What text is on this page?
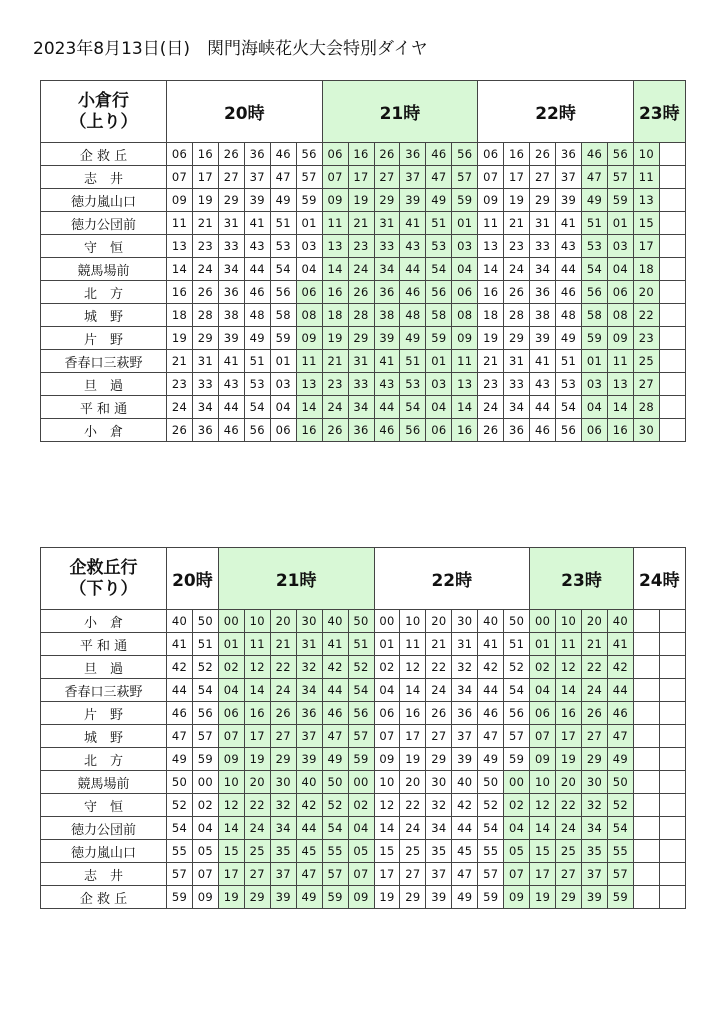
2023年8月13日(日)　関門海峡花火大会特別ダイヤ
小倉行
（上り）	20時						21時						22時						23時	
企 救 丘	06	16	26	36	46	56	06	16	26	36	46	56	06	16	26	36	46	56	10	
志　井	07	17	27	37	47	57	07	17	27	37	47	57	07	17	27	37	47	57	11	
徳力嵐山口	09	19	29	39	49	59	09	19	29	39	49	59	09	19	29	39	49	59	13	
徳力公団前	11	21	31	41	51	01	11	21	31	41	51	01	11	21	31	41	51	01	15	
守　恒	13	23	33	43	53	03	13	23	33	43	53	03	13	23	33	43	53	03	17	
競馬場前	14	24	34	44	54	04	14	24	34	44	54	04	14	24	34	44	54	04	18	
北　方	16	26	36	46	56	06	16	26	36	46	56	06	16	26	36	46	56	06	20	
城　野	18	28	38	48	58	08	18	28	38	48	58	08	18	28	38	48	58	08	22	
片　野	19	29	39	49	59	09	19	29	39	49	59	09	19	29	39	49	59	09	23	
香春口三萩野	21	31	41	51	01	11	21	31	41	51	01	11	21	31	41	51	01	11	25	
旦　過	23	33	43	53	03	13	23	33	43	53	03	13	23	33	43	53	03	13	27	
平 和 通	24	34	44	54	04	14	24	34	44	54	04	14	24	34	44	54	04	14	28	
小　倉	26	36	46	56	06	16	26	36	46	56	06	16	26	36	46	56	06	16	30	
企救丘行
（下り）	20時		21時						22時						23時				24時	
小　倉	40	50	00	10	20	30	40	50	00	10	20	30	40	50	00	10	20	40		
平 和 通	41	51	01	11	21	31	41	51	01	11	21	31	41	51	01	11	21	41		
旦　過	42	52	02	12	22	32	42	52	02	12	22	32	42	52	02	12	22	42		
香春口三萩野	44	54	04	14	24	34	44	54	04	14	24	34	44	54	04	14	24	44		
片　野	46	56	06	16	26	36	46	56	06	16	26	36	46	56	06	16	26	46		
城　野	47	57	07	17	27	37	47	57	07	17	27	37	47	57	07	17	27	47		
北　方	49	59	09	19	29	39	49	59	09	19	29	39	49	59	09	19	29	49		
競馬場前	50	00	10	20	30	40	50	00	10	20	30	40	50	00	10	20	30	50		
守　恒	52	02	12	22	32	42	52	02	12	22	32	42	52	02	12	22	32	52		
徳力公団前	54	04	14	24	34	44	54	04	14	24	34	44	54	04	14	24	34	54		
徳力嵐山口	55	05	15	25	35	45	55	05	15	25	35	45	55	05	15	25	35	55		
志　井	57	07	17	27	37	47	57	07	17	27	37	47	57	07	17	27	37	57		
企 救 丘	59	09	19	29	39	49	59	09	19	29	39	49	59	09	19	29	39	59		
